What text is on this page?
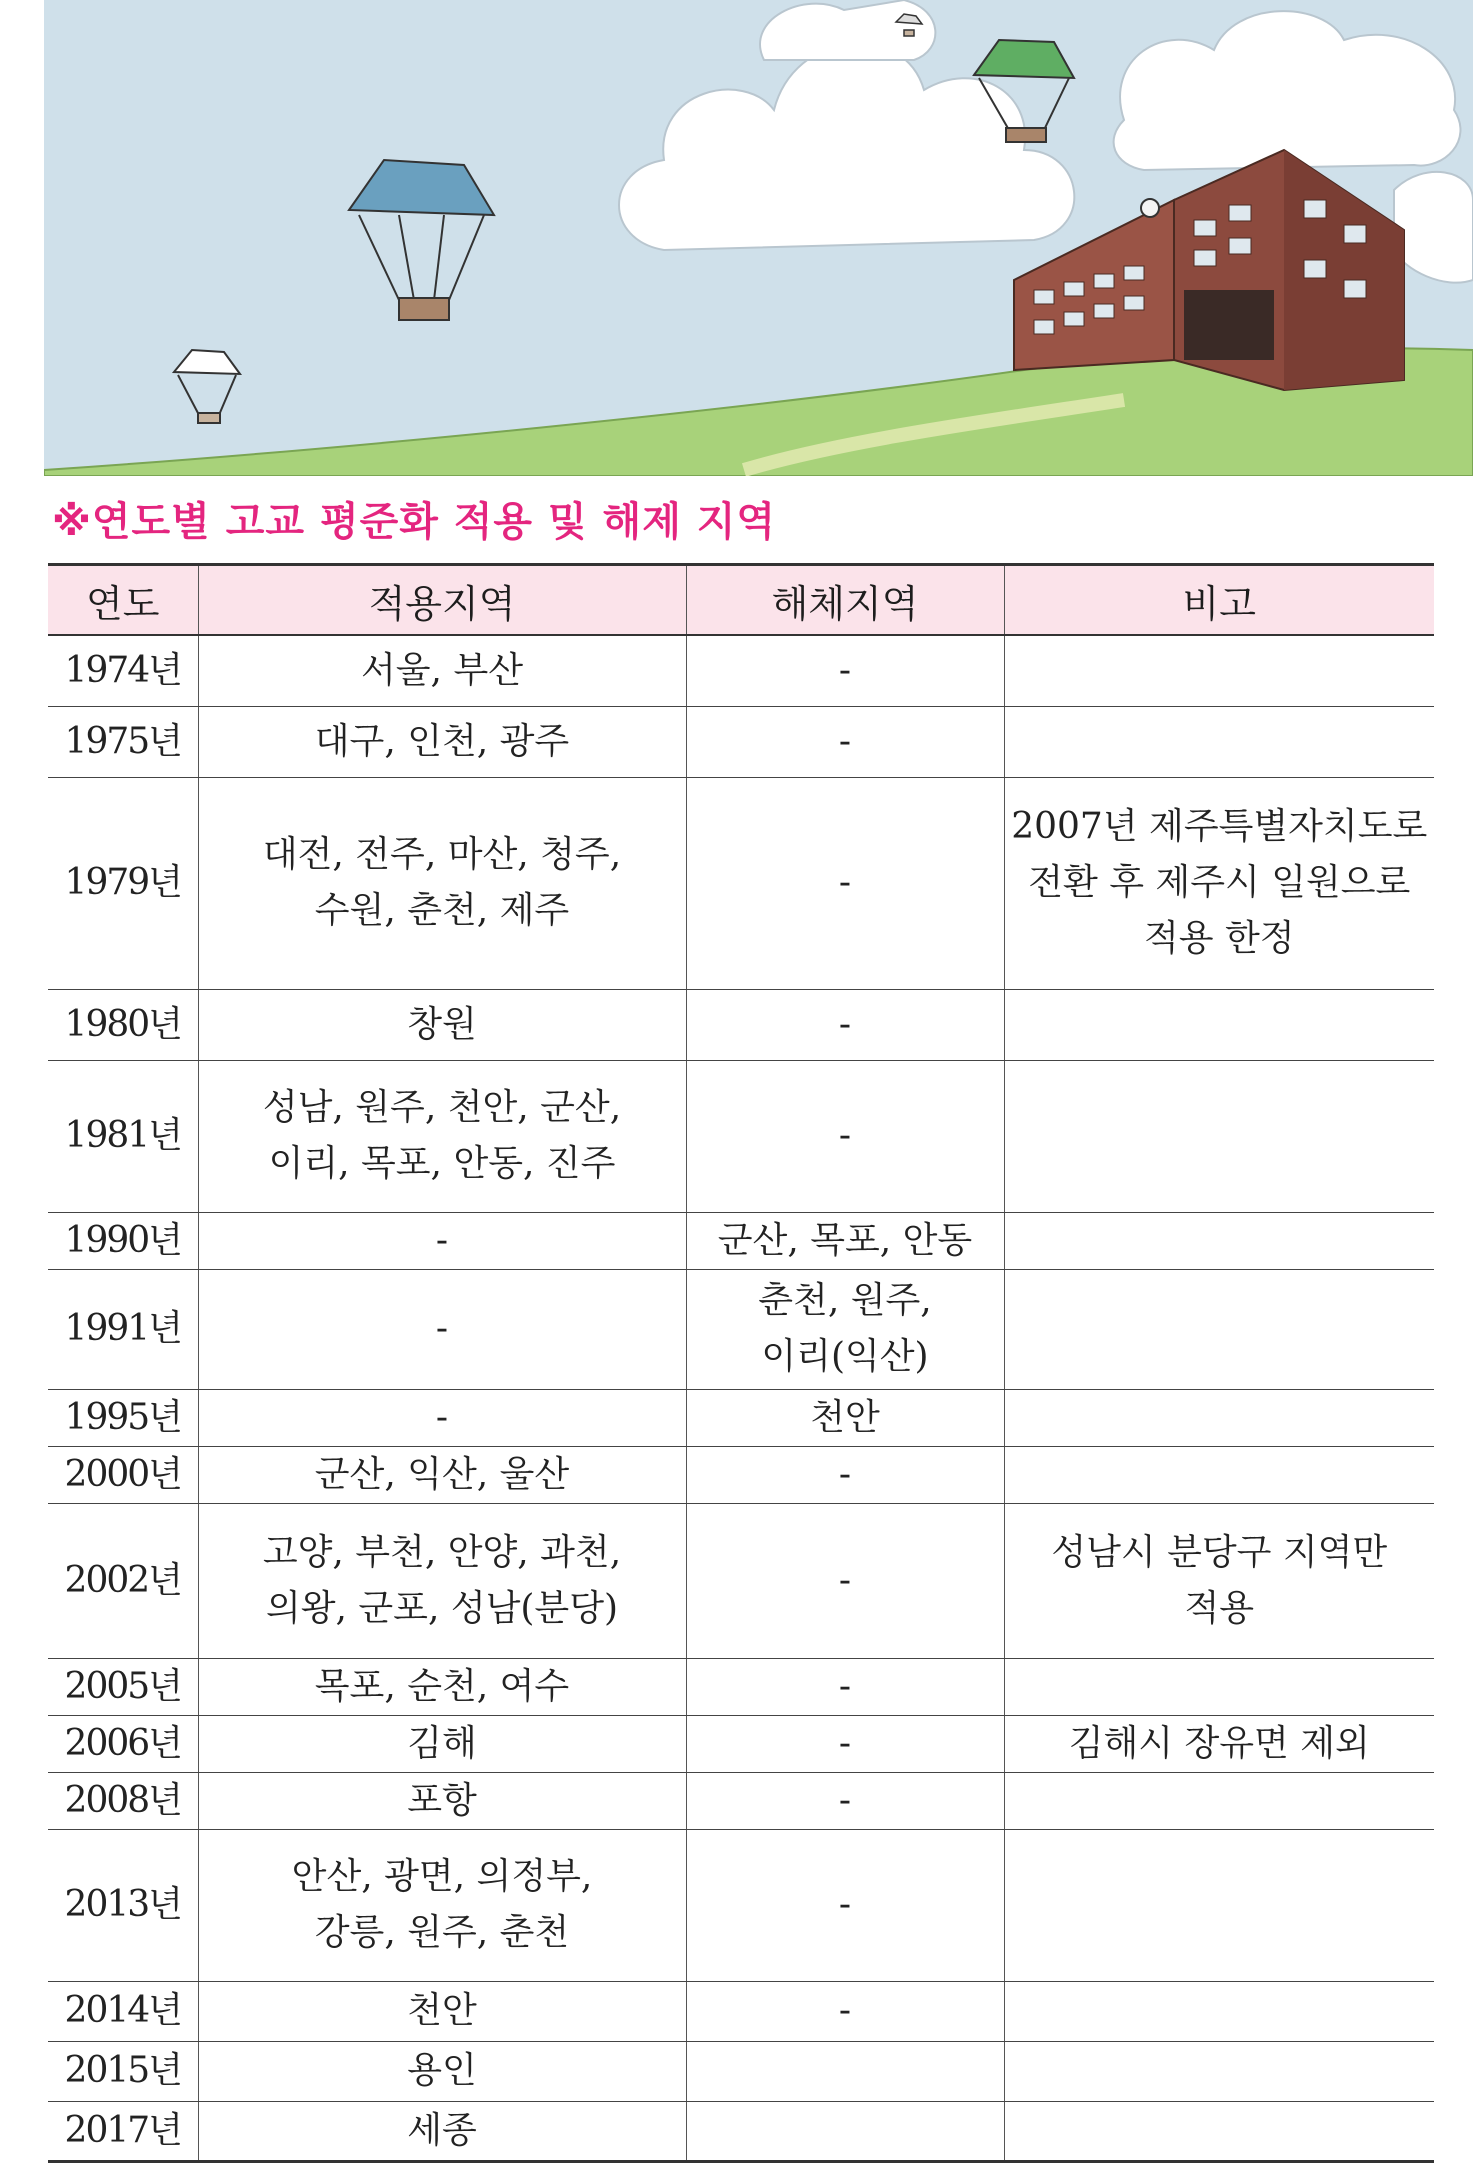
※연도별 고교 평준화 적용 및 해제 지역
연도	적용지역	해체지역	비고
1974년	서울, 부산	-	

1975년	대구, 인천, 광주	-	

1979년	대전, 전주, 마산, 청주,
수원, 춘천, 제주	-	2007년 제주특별자치도로
전환 후 제주시 일원으로
적용 한정

1980년	창원	-	

1981년	성남, 원주, 천안, 군산,
이리, 목포, 안동, 진주	-	

1990년	-	군산, 목포, 안동	

1991년	-	춘천, 원주,
이리(익산)	

1995년	-	천안	

2000년	군산, 익산, 울산	-	

2002년	고양, 부천, 안양, 과천,
의왕, 군포, 성남(분당)	-	성남시 분당구 지역만
적용

2005년	목포, 순천, 여수	-	

2006년	김해	-	김해시 장유면 제외

2008년	포항	-	

2013년	안산, 광면, 의정부,
강릉, 원주, 춘천	-	

2014년	천안	-	

2015년	용인		

2017년	세종		
